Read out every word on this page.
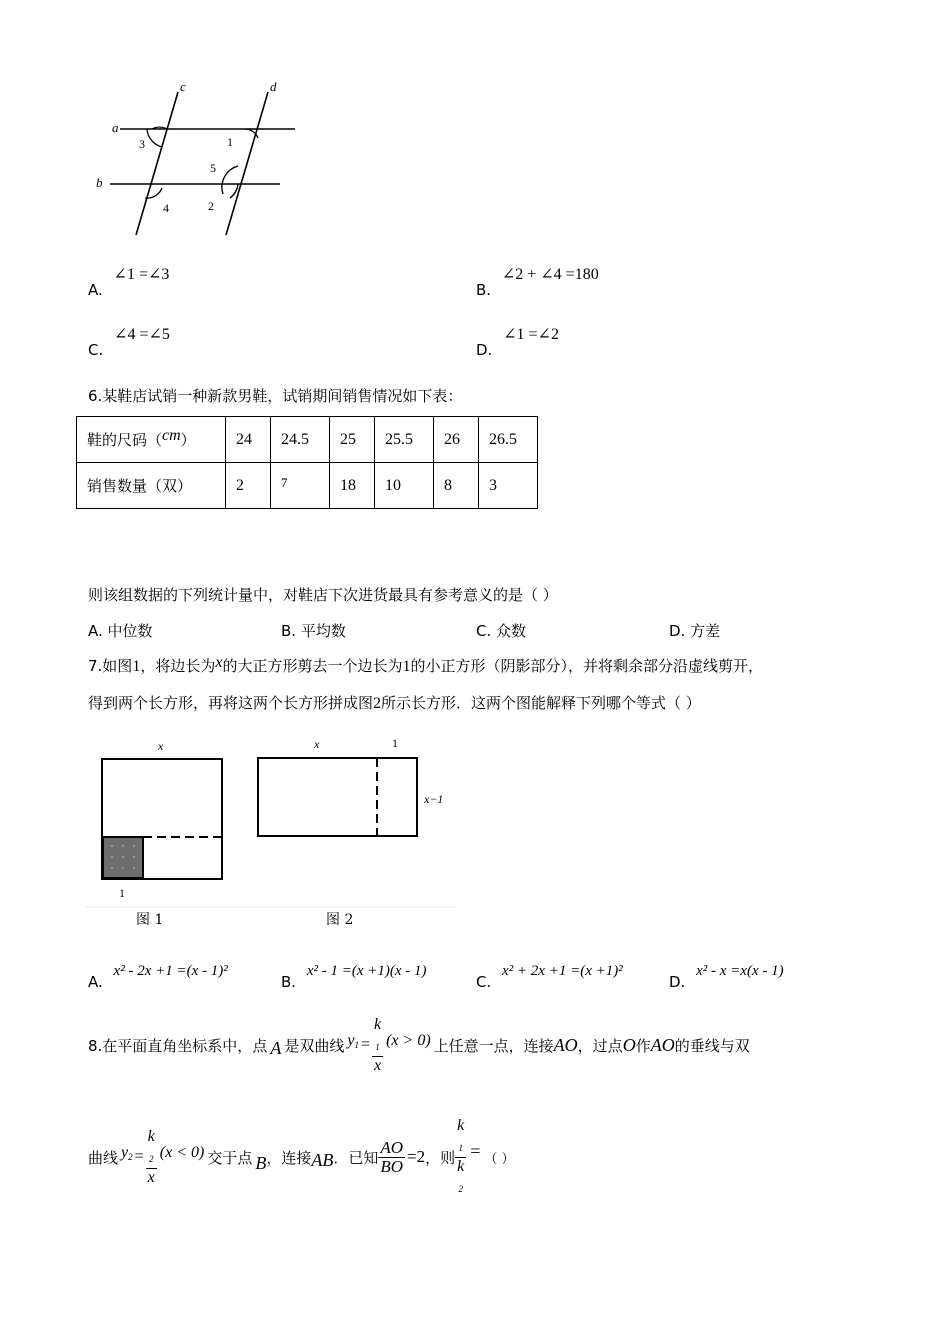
c	d
a
b
1
3
5
2
4
A. ∠1 =∠3
B. ∠2 + ∠4 =180
C. ∠4 =∠5
D. ∠1 =∠2
6.某鞋店试销一种新款男鞋，试销期间销售情况如下表：
鞋的尺码（cm）	24	24.5	25	25.5	26	26.5
销售数量（双）	2	7	18	10	8	3
则该组数据的下列统计量中，对鞋店下次进货最具有参考意义的是（ ）
A. 中位数	B. 平均数	C. 众数	D. 方差
7.如图1，将边长为x的大正方形剪去一个边长为1的小正方形（阴影部分），并将剩余部分沿虚线剪开，
得到两个长方形，再将这两个长方形拼成图2所示长方形．这两个图能解释下列哪个等式（ ）
x
1
x	1
x−1
图 1	图 2
A. x² - 2x +1 =(x - 1)²
B. x² - 1 =(x +1)(x - 1)
C. x² + 2x +1 =(x +1)²
D. x² - x =x(x - 1)
8.在平面直角坐标系中，点 A 是双曲线 $y_1 = k$
$_1$
x (x > 0) 上任意一点，连接 AO ，过点 O 作 AO 的垂线与双
曲线 $y_2 = k$
$_2$
x (x < 0) 交于点 B ，连接 AB ．已知 $\frac{AO}{BO} =2$ ，则 k
$_1$
k
$_2$ = （ ）
